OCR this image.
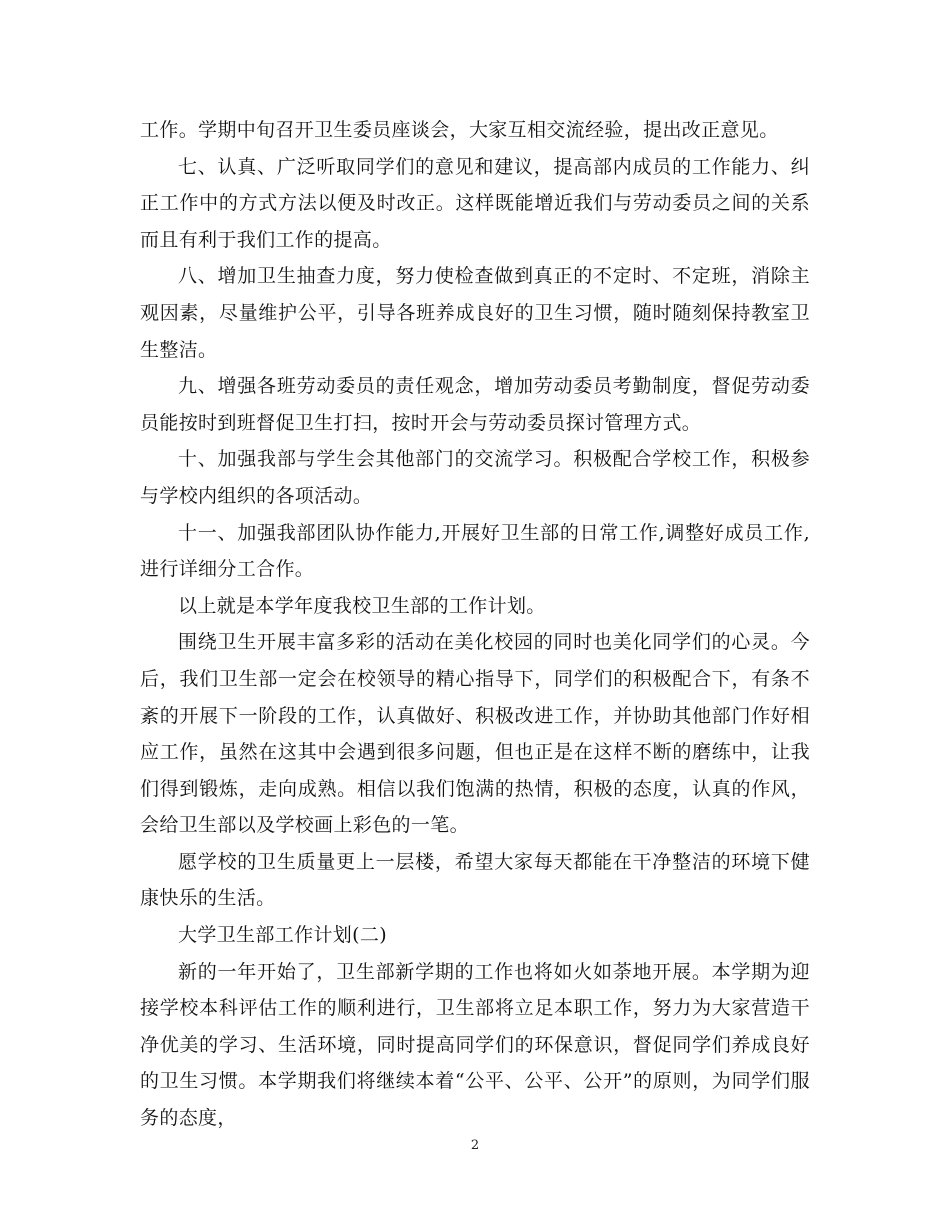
工作。学期中旬召开卫生委员座谈会，大家互相交流经验，提出改正意见。

七、认真、广泛听取同学们的意见和建议，提高部内成员的工作能力、纠正工作中的方式方法以便及时改正。这样既能增近我们与劳动委员之间的关系而且有利于我们工作的提高。

八、增加卫生抽查力度，努力使检查做到真正的不定时、不定班，消除主观因素，尽量维护公平，引导各班养成良好的卫生习惯，随时随刻保持教室卫生整洁。

九、增强各班劳动委员的责任观念，增加劳动委员考勤制度，督促劳动委员能按时到班督促卫生打扫，按时开会与劳动委员探讨管理方式。

十、加强我部与学生会其他部门的交流学习。积极配合学校工作，积极参与学校内组织的各项活动。

十一、加强我部团队协作能力,开展好卫生部的日常工作,调整好成员工作,进行详细分工合作。

以上就是本学年度我校卫生部的工作计划。

围绕卫生开展丰富多彩的活动在美化校园的同时也美化同学们的心灵。今后，我们卫生部一定会在校领导的精心指导下，同学们的积极配合下，有条不紊的开展下一阶段的工作，认真做好、积极改进工作，并协助其他部门作好相应工作，虽然在这其中会遇到很多问题，但也正是在这样不断的磨练中，让我们得到锻炼，走向成熟。相信以我们饱满的热情，积极的态度，认真的作风，会给卫生部以及学校画上彩色的一笔。

愿学校的卫生质量更上一层楼，希望大家每天都能在干净整洁的环境下健康快乐的生活。

大学卫生部工作计划(二)

新的一年开始了，卫生部新学期的工作也将如火如荼地开展。本学期为迎接学校本科评估工作的顺利进行，卫生部将立足本职工作，努力为大家营造干净优美的学习、生活环境，同时提高同学们的环保意识，督促同学们养成良好的卫生习惯。本学期我们将继续本着“公平、公平、公开”的原则，为同学们服务的态度，

2
